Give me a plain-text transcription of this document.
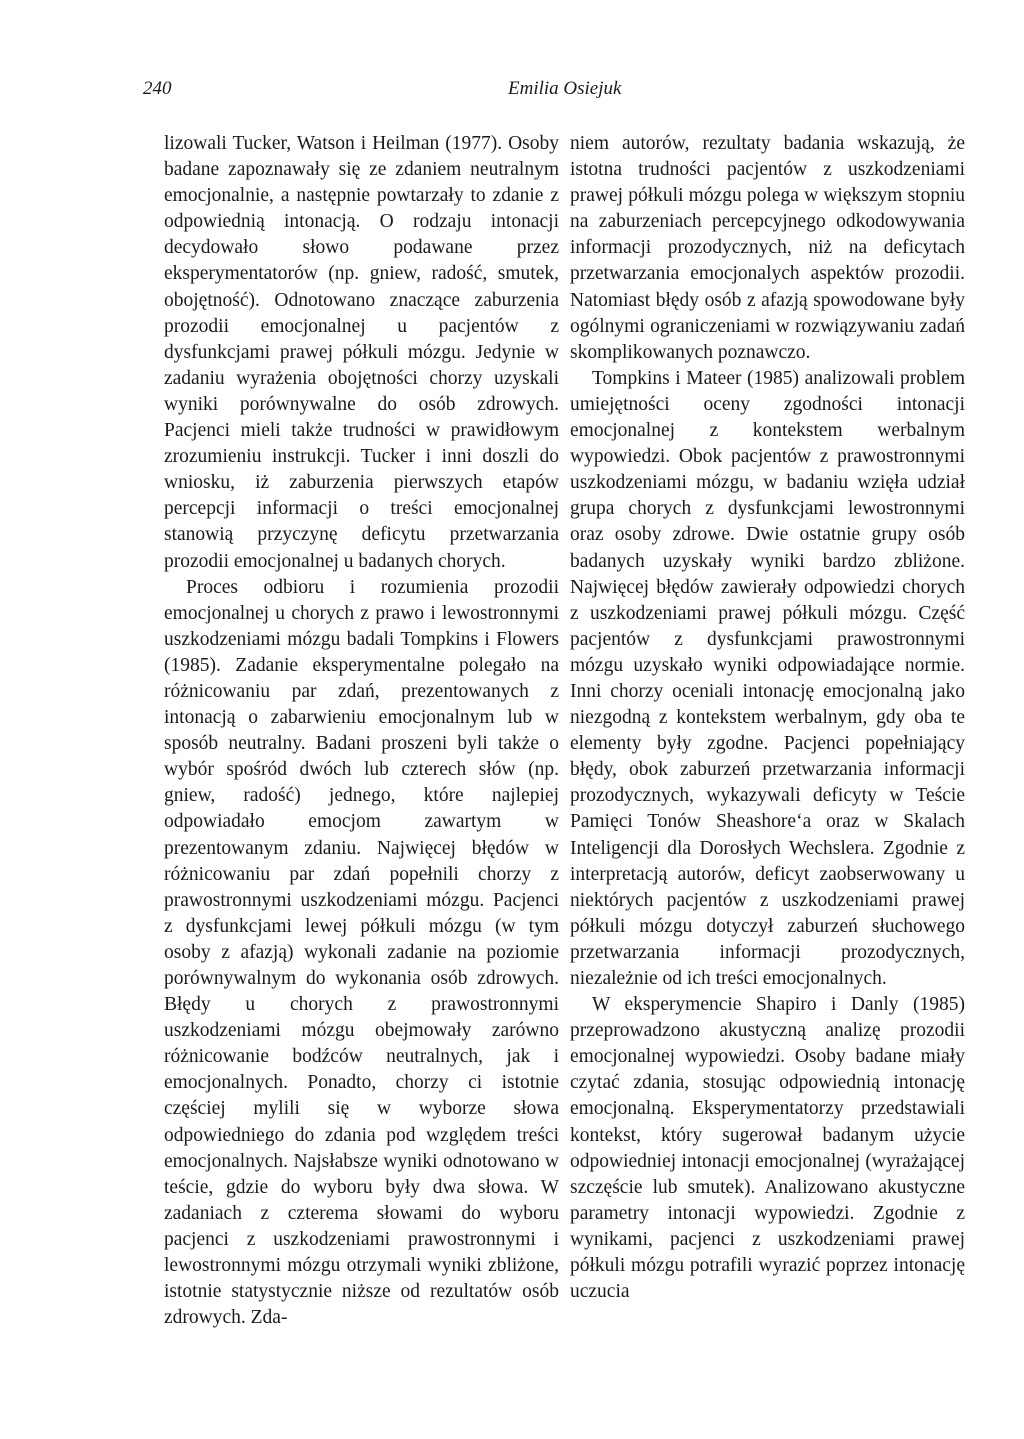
240	Emilia Osiejuk

lizowali Tucker, Watson i Heilman (1977). Osoby badane zapoznawały się ze zdaniem neutralnym emocjonalnie, a następnie powtarzały to zdanie z odpowiednią intonacją. O rodzaju intonacji decydowało słowo podawane przez eksperymentatorów (np. gniew, radość, smutek, obojętność). Odnotowano znaczące zaburzenia prozodii emocjonalnej u pacjentów z dysfunkcjami prawej półkuli mózgu. Jedynie w zadaniu wyrażenia obojętności chorzy uzyskali wyniki porównywalne do osób zdrowych. Pacjenci mieli także trudności w prawidłowym zrozumieniu instrukcji. Tucker i inni doszli do wniosku, iż zaburzenia pierwszych etapów percepcji informacji o treści emocjonalnej stanowią przyczynę deficytu przetwarzania prozodii emocjonalnej u badanych chorych.

Proces odbioru i rozumienia prozodii emocjonalnej u chorych z prawo i lewostronnymi uszkodzeniami mózgu badali Tompkins i Flowers (1985). Zadanie eksperymentalne polegało na różnicowaniu par zdań, prezentowanych z intonacją o zabarwieniu emocjonalnym lub w sposób neutralny. Badani proszeni byli także o wybór spośród dwóch lub czterech słów (np. gniew, radość) jednego, które najlepiej odpowiadało emocjom zawartym w prezentowanym zdaniu. Najwięcej błędów w różnicowaniu par zdań popełnili chorzy z prawostronnymi uszkodzeniami mózgu. Pacjenci z dysfunkcjami lewej półkuli mózgu (w tym osoby z afazją) wykonali zadanie na poziomie porównywalnym do wykonania osób zdrowych. Błędy u chorych z prawostronnymi uszkodzeniami mózgu obejmowały zarówno różnicowanie bodźców neutralnych, jak i emocjonalnych. Ponadto, chorzy ci istotnie częściej mylili się w wyborze słowa odpowiedniego do zdania pod względem treści emocjonalnych. Najsłabsze wyniki odnotowano w teście, gdzie do wyboru były dwa słowa. W zadaniach z czterema słowami do wyboru pacjenci z uszkodzeniami prawostronnymi i lewostronnymi mózgu otrzymali wyniki zbliżone, istotnie statystycznie niższe od rezultatów osób zdrowych. Zda-

niem autorów, rezultaty badania wskazują, że istotna trudności pacjentów z uszkodzeniami prawej półkuli mózgu polega w większym stopniu na zaburzeniach percepcyjnego odkodowywania informacji prozodycznych, niż na deficytach przetwarzania emocjonalych aspektów prozodii. Natomiast błędy osób z afazją spowodowane były ogólnymi ograniczeniami w rozwiązywaniu zadań skomplikowanych poznawczo.

Tompkins i Mateer (1985) analizowali problem umiejętności oceny zgodności intonacji emocjonalnej z kontekstem werbalnym wypowiedzi. Obok pacjentów z prawostronnymi uszkodzeniami mózgu, w badaniu wzięła udział grupa chorych z dysfunkcjami lewostronnymi oraz osoby zdrowe. Dwie ostatnie grupy osób badanych uzyskały wyniki bardzo zbliżone. Najwięcej błędów zawierały odpowiedzi chorych z uszkodzeniami prawej półkuli mózgu. Część pacjentów z dysfunkcjami prawostronnymi mózgu uzyskało wyniki odpowiadające normie. Inni chorzy oceniali intonację emocjonalną jako niezgodną z kontekstem werbalnym, gdy oba te elementy były zgodne. Pacjenci popełniający błędy, obok zaburzeń przetwarzania informacji prozodycznych, wykazywali deficyty w Teście Pamięci Tonów Sheashore‘a oraz w Skalach Inteligencji dla Dorosłych Wechslera. Zgodnie z interpretacją autorów, deficyt zaobserwowany u niektórych pacjentów z uszkodzeniami prawej półkuli mózgu dotyczył zaburzeń słuchowego przetwarzania informacji prozodycznych, niezależnie od ich treści emocjonalnych.

W eksperymencie Shapiro i Danly (1985) przeprowadzono akustyczną analizę prozodii emocjonalnej wypowiedzi. Osoby badane miały czytać zdania, stosując odpowiednią intonację emocjonalną. Eksperymentatorzy przedstawiali kontekst, który sugerował badanym użycie odpowiedniej intonacji emocjonalnej (wyrażającej szczęście lub smutek). Analizowano akustyczne parametry intonacji wypowiedzi. Zgodnie z wynikami, pacjenci z uszkodzeniami prawej półkuli mózgu potrafili wyrazić poprzez intonację uczucia
